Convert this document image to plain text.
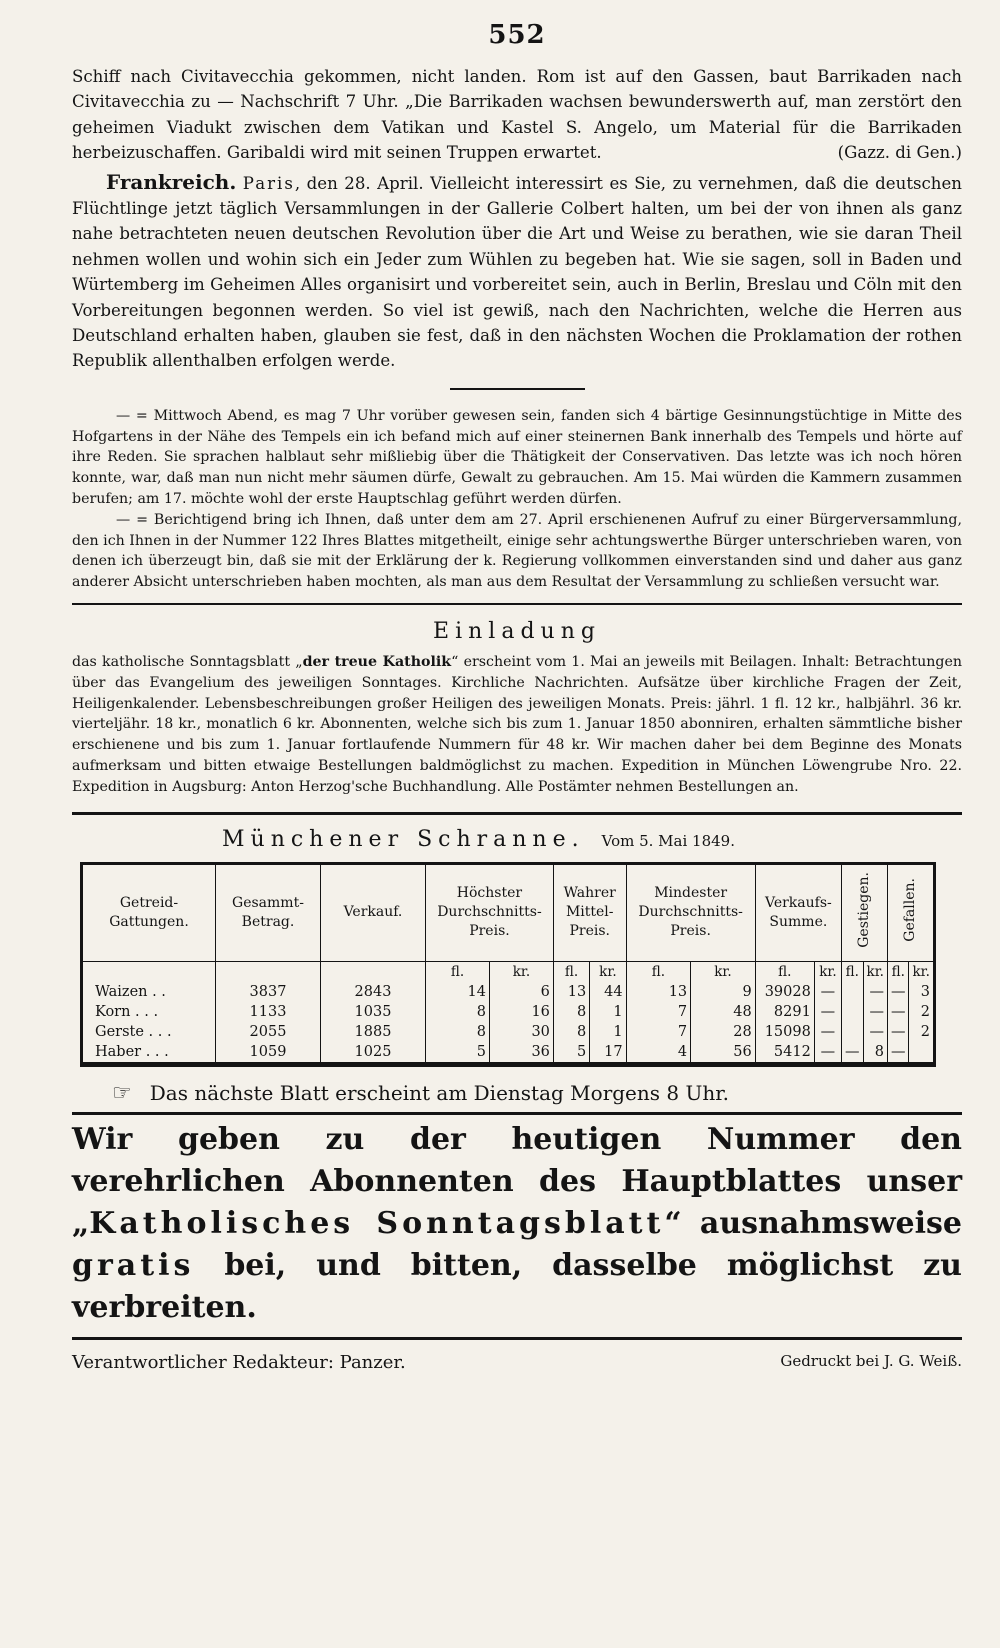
552

Schiff nach Civitavecchia gekommen, nicht landen. Rom ist auf den Gassen, baut Barrikaden nach Civitavecchia zu — Nachschrift 7 Uhr. „Die Barrikaden wachsen bewunderswerth auf, man zerstört den geheimen Viadukt zwischen dem Vatikan und Kastel S. Angelo, um Material für die Barrikaden herbeizuschaffen. Garibaldi wird mit seinen Truppen erwartet.	(Gazz. di Gen.)

Frankreich. Paris, den 28. April. Vielleicht interessirt es Sie, zu vernehmen, daß die deutschen Flüchtlinge jetzt täglich Versammlungen in der Gallerie Colbert halten, um bei der von ihnen als ganz nahe betrachteten neuen deutschen Revolution über die Art und Weise zu berathen, wie sie daran Theil nehmen wollen und wohin sich ein Jeder zum Wühlen zu begeben hat. Wie sie sagen, soll in Baden und Würtemberg im Geheimen Alles organisirt und vorbereitet sein, auch in Berlin, Breslau und Cöln mit den Vorbereitungen begonnen werden. So viel ist gewiß, nach den Nachrichten, welche die Herren aus Deutschland erhalten haben, glauben sie fest, daß in den nächsten Wochen die Proklamation der rothen Republik allenthalben erfolgen werde.

— = Mittwoch Abend, es mag 7 Uhr vorüber gewesen sein, fanden sich 4 bärtige Gesinnungstüchtige in Mitte des Hofgartens in der Nähe des Tempels ein ich befand mich auf einer steinernen Bank innerhalb des Tempels und hörte auf ihre Reden. Sie sprachen halblaut sehr mißliebig über die Thätigkeit der Conservativen. Das letzte was ich noch hören konnte, war, daß man nun nicht mehr säumen dürfe, Gewalt zu gebrauchen. Am 15. Mai würden die Kammern zusammen berufen; am 17. möchte wohl der erste Hauptschlag geführt werden dürfen.

— = Berichtigend bring ich Ihnen, daß unter dem am 27. April erschienenen Aufruf zu einer Bürgerversammlung, den ich Ihnen in der Nummer 122 Ihres Blattes mitgetheilt, einige sehr achtungswerthe Bürger unterschrieben waren, von denen ich überzeugt bin, daß sie mit der Erklärung der k. Regierung vollkommen einverstanden sind und daher aus ganz anderer Absicht unterschrieben haben mochten, als man aus dem Resultat der Versammlung zu schließen versucht war.

Einladung

das katholische Sonntagsblatt „der treue Katholik“ erscheint vom 1. Mai an jeweils mit Beilagen. Inhalt: Betrachtungen über das Evangelium des jeweiligen Sonntages. Kirchliche Nachrichten. Aufsätze über kirchliche Fragen der Zeit, Heiligenkalender. Lebensbeschreibungen großer Heiligen des jeweiligen Monats. Preis: jährl. 1 fl. 12 kr., halbjährl. 36 kr. vierteljähr. 18 kr., monatlich 6 kr. Abonnenten, welche sich bis zum 1. Januar 1850 abonniren, erhalten sämmtliche bisher erschienene und bis zum 1. Januar fortlaufende Nummern für 48 kr. Wir machen daher bei dem Beginne des Monats aufmerksam und bitten etwaige Bestellungen baldmöglichst zu machen. Expedition in München Löwengrube Nro. 22. Expedition in Augsburg: Anton Herzog'sche Buchhandlung. Alle Postämter nehmen Bestellungen an.

Münchener Schranne. Vom 5. Mai 1849.
Getreid-Gattungen.	Gesammt-Betrag.	Verkauf.	Höchster Durchschnitts-Preis.		Wahrer Mittel-Preis.		Mindester Durchschnitts-Preis.		Verkaufs-Summe.		Gestiegen.		Gefallen.	
			fl.	kr.	fl.	kr.	fl.	kr.	fl.	kr.	fl.	kr.	fl.	kr.
Waizen . .	3837	2843	14	6	13	44	13	9	39028	—		—	—	3
Korn . . .	1133	1035	8	16	8	1	7	48	8291	—		—	—	2
Gerste . . .	2055	1885	8	30	8	1	7	28	15098	—		—	—	2
Haber . . .	1059	1025	5	36	5	17	4	56	5412	—	—	8	—	
☞ Das nächste Blatt erscheint am Dienstag Morgens 8 Uhr.

Wir geben zu der heutigen Nummer den verehrlichen Abonnenten des Hauptblattes unser „Katholisches Sonntagsblatt“ ausnahmsweise gratis bei, und bitten, dasselbe möglichst zu verbreiten.

Verantwortlicher Redakteur: Panzer.	Gedruckt bei J. G. Weiß.
